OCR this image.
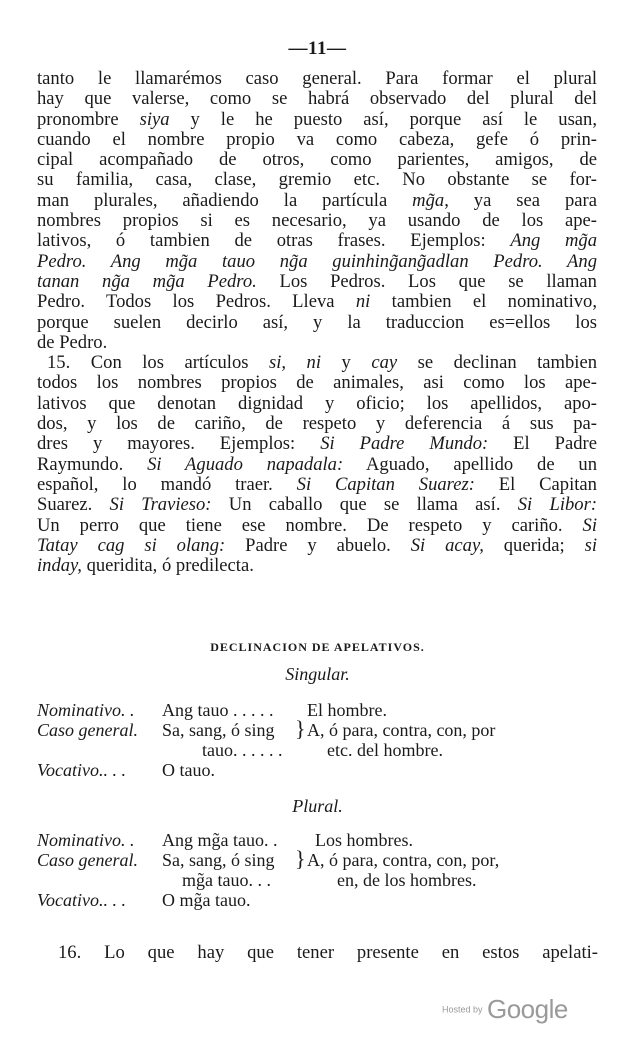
—11—
tanto le llamarémos caso general. Para formar el plural
hay que valerse, como se habrá observado del plural del
pronombre siya y le he puesto así, porque así le usan,
cuando el nombre propio va como cabeza, gefe ó prin-
cipal acompañado de otros, como parientes, amigos, de
su familia, casa, clase, gremio etc. No obstante se for-
man plurales, añadiendo la partícula mg̃a, ya sea para
nombres propios si es necesario, ya usando de los ape-
lativos, ó tambien de otras frases. Ejemplos: Ang mg̃a
Pedro. Ang mg̃a tauo ng̃a guinhing̃ang̃adlan Pedro. Ang
tanan ng̃a mg̃a Pedro. Los Pedros. Los que se llaman
Pedro. Todos los Pedros. Lleva ni tambien el nominativo,
porque suelen decirlo así, y la traduccion es=ellos los
de Pedro.
15. Con los artículos si, ni y cay se declinan tambien
todos los nombres propios de animales, asi como los ape-
lativos que denotan dignidad y oficio; los apellidos, apo-
dos, y los de cariño, de respeto y deferencia á sus pa-
dres y mayores. Ejemplos: Si Padre Mundo: El Padre
Raymundo. Si Aguado napadala: Aguado, apellido de un
español, lo mandó traer. Si Capitan Suarez: El Capitan
Suarez. Si Travieso: Un caballo que se llama así. Si Libor:
Un perro que tiene ese nombre. De respeto y cariño. Si
Tatay cag si olang: Padre y abuelo. Si acay, querida; si
inday, queridita, ó predilecta.
DECLINACION DE APELATIVOS.
Singular.
Nominativo. . Ang tauo . . . . . El hombre.
Caso general. Sa, sang, ó sing } A, ó para, contra, con, por
tauo. . . . . . etc. del hombre.
Vocativo.. . . O tauo.
Plural.
Nominativo. . Ang mg̃a tauo. . Los hombres.
Caso general. Sa, sang, ó sing } A, ó para, contra, con, por,
mg̃a tauo. . .	en, de los hombres.
Vocativo.. . . O mg̃a tauo.
16. Lo que hay que tener presente en estos apelati-
Hosted by Google
